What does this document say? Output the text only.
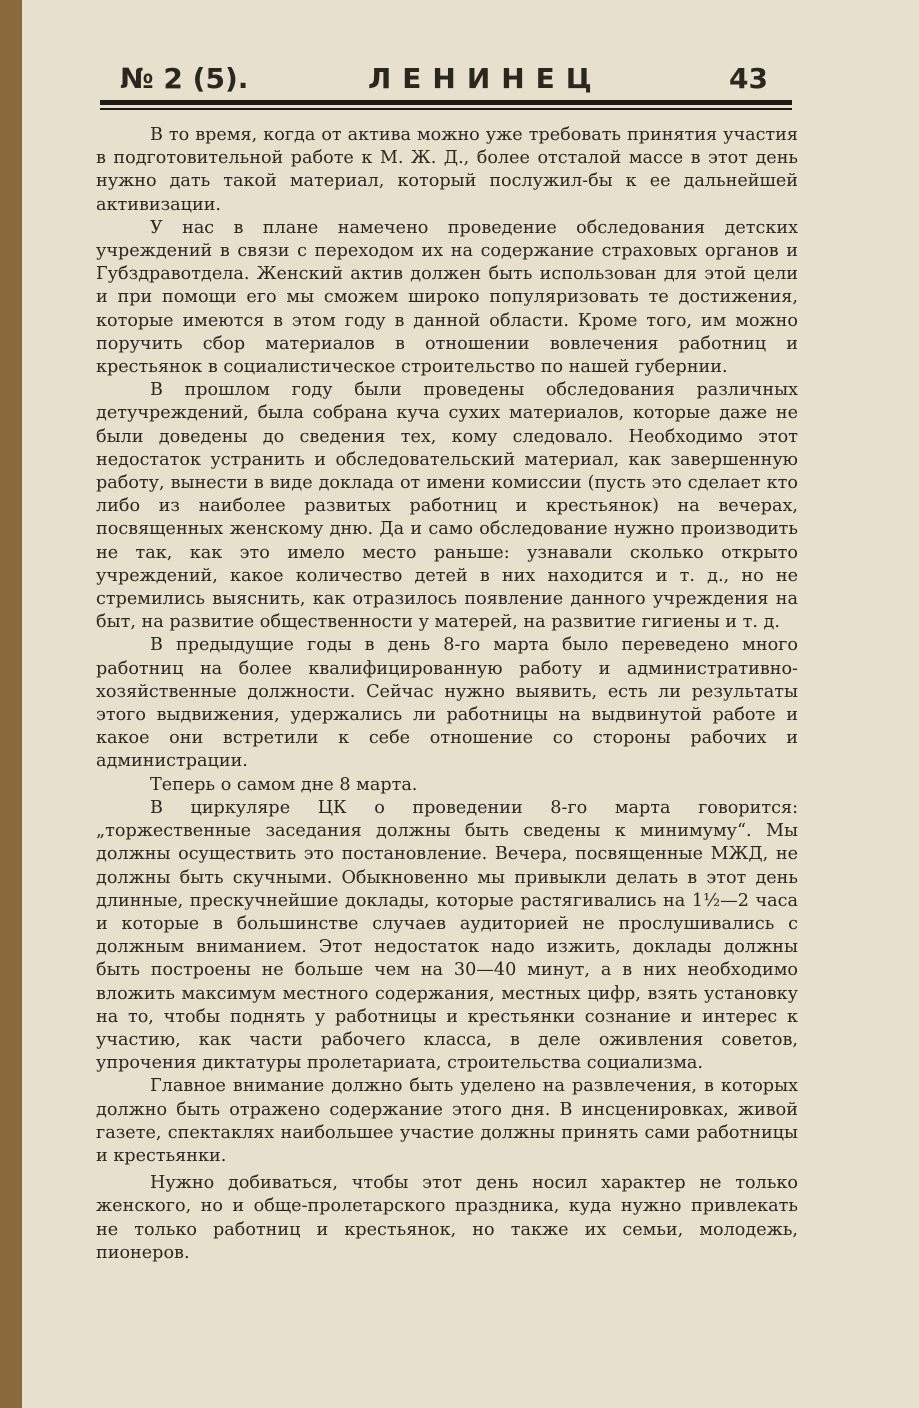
№ 2 (5).	ЛЕНИНЕЦ	43

В то время, когда от актива можно уже требовать принятия участия в подготовительной работе к М. Ж. Д., более отсталой массе в этот день нужно дать такой материал, который послужил-бы к ее дальнейшей активизации.

У нас в плане намечено проведение обследования детских учреждений в связи с переходом их на содержание страховых органов и Губздравотдела. Женский актив должен быть использован для этой цели и при помощи его мы сможем широко популяризовать те достижения, которые имеются в этом году в данной области. Кроме того, им можно поручить сбор материалов в отношении вовлечения работниц и крестьянок в социалистическое строительство по нашей губернии.

В прошлом году были проведены обследования различных детучреждений, была собрана куча сухих материалов, которые даже не были доведены до сведения тех, кому следовало. Необходимо этот недостаток устранить и обследовательский материал, как завершенную работу, вынести в виде доклада от имени комиссии (пусть это сделает кто либо из наиболее развитых работниц и крестьянок) на вечерах, посвященных женскому дню. Да и само обследование нужно производить не так, как это имело место раньше: узнавали сколько открыто учреждений, какое количество детей в них находится и т. д., но не стремились выяснить, как отразилось появление данного учреждения на быт, на развитие общественности у матерей, на развитие гигиены и т. д.

В предыдущие годы в день 8-го марта было переведено много работниц на более квалифицированную работу и административно-хозяйственные должности. Сейчас нужно выявить, есть ли результаты этого выдвижения, удержались ли работницы на выдвинутой работе и какое они встретили к себе отношение со стороны рабочих и администрации.

Теперь о самом дне 8 марта.

В циркуляре ЦК о проведении 8-го марта говорится: „торжественные заседания должны быть сведены к минимуму“. Мы должны осуществить это постановление. Вечера, посвященные МЖД, не должны быть скучными. Обыкновенно мы привыкли делать в этот день длинные, прескучнейшие доклады, которые растягивались на 1½—2 часа и которые в большинстве случаев аудиторией не прослушивались с должным вниманием. Этот недостаток надо изжить, доклады должны быть построены не больше чем на 30—40 минут, а в них необходимо вложить максимум местного содержания, местных цифр, взять установку на то, чтобы поднять у работницы и крестьянки сознание и интерес к участию, как части рабочего класса, в деле оживления советов, упрочения диктатуры пролетариата, строительства социализма.

Главное внимание должно быть уделено на развлечения, в которых должно быть отражено содержание этого дня. В инсценировках, живой газете, спектаклях наибольшее участие должны принять сами работницы и крестьянки.

Нужно добиваться, чтобы этот день носил характер не только женского, но и обще-пролетарского праздника, куда нужно привлекать не только работниц и крестьянок, но также их семьи, молодежь, пионеров.
